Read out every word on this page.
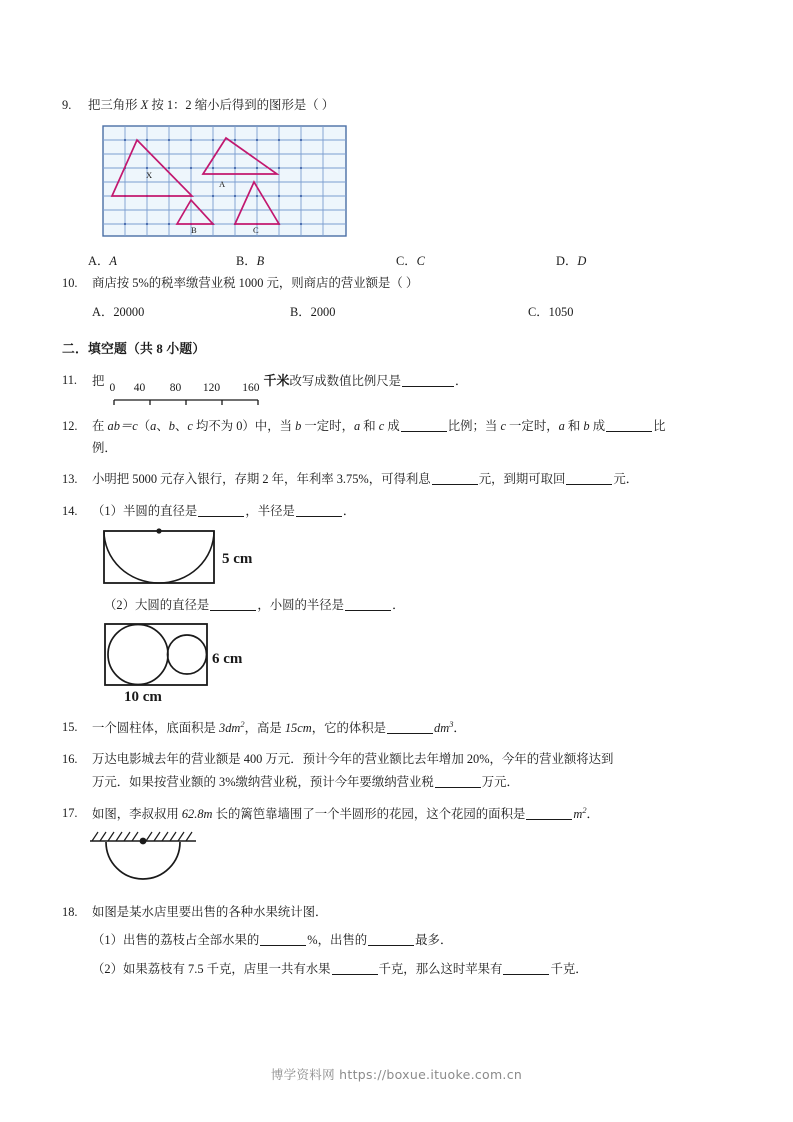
9.	把三角形 X 按 1：2 缩小后得到的图形是（ ）
X
A
B	C
A．A	B．B	C．C	D．D
10.	商店按 5%的税率缴营业税 1000 元，则商店的营业额是（ ）
A．20000	B．2000	C．1050
二．填空题（共 8 小题）
11.	把 0	40	80	120	160 千米改写成数值比例尺是	．
12.	在 ab＝c（a、b、c 均不为 0）中，当 b 一定时，a 和 c 成	比例；当 c 一定时，a 和 b 成	比
例．
13.	小明把 5000 元存入银行，存期 2 年，年利率 3.75%，可得利息	元，到期可取回	元．
14.	（1）半圆的直径是	，半径是	．
5 cm
（2）大圆的直径是	，小圆的半径是	．
6 cm
10 cm
15.	一个圆柱体，底面积是 $3dm^2$，高是 15cm，它的体积是	$dm^3$．
16.	万达电影城去年的营业额是 400 万元．预计今年的营业额比去年增加 20%，今年的营业额将达到
万元．如果按营业额的 3%缴纳营业税，预计今年要缴纳营业税	万元．
17.	如图，李叔叔用 62.8m 长的篱笆靠墙围了一个半圆形的花园，这个花园的面积是	$m^2$．
18.	如图是某水店里要出售的各种水果统计图．
（1）出售的荔枝占全部水果的	%，出售的	最多．
（2）如果荔枝有 7.5 千克，店里一共有水果	千克，那么这时苹果有	千克．
博学资料网 https://boxue.ituoke.com.cn
